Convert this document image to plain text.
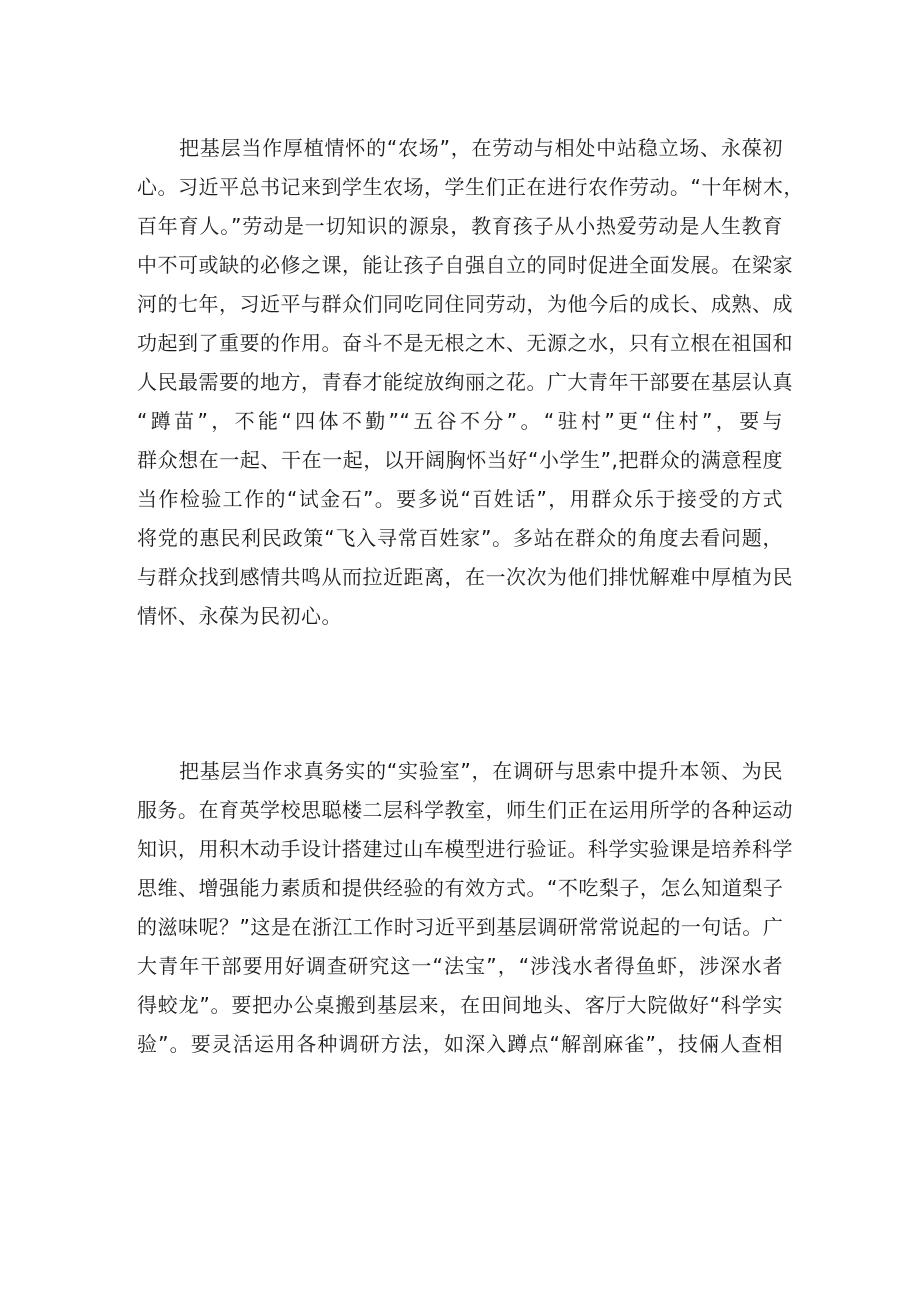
把基层当作厚植情怀的“农场”，在劳动与相处中站稳立场、永葆初
心。习近平总书记来到学生农场，学生们正在进行农作劳动。“十年树木，
百年育人。”劳动是一切知识的源泉，教育孩子从小热爱劳动是人生教育
中不可或缺的必修之课，能让孩子自强自立的同时促进全面发展。在梁家
河的七年，习近平与群众们同吃同住同劳动，为他今后的成长、成熟、成
功起到了重要的作用。奋斗不是无根之木、无源之水，只有立根在祖国和
人民最需要的地方，青春才能绽放绚丽之花。广大青年干部要在基层认真
“蹲苗”，不能“四体不勤”“五谷不分”。“驻村”更“住村”，要与
群众想在一起、干在一起，以开阔胸怀当好“小学生”,把群众的满意程度
当作检验工作的“试金石”。要多说“百姓话”，用群众乐于接受的方式
将党的惠民利民政策“飞入寻常百姓家”。多站在群众的角度去看问题，
与群众找到感情共鸣从而拉近距离，在一次次为他们排忧解难中厚植为民
情怀、永葆为民初心。
把基层当作求真务实的“实验室”，在调研与思索中提升本领、为民
服务。在育英学校思聪楼二层科学教室，师生们正在运用所学的各种运动
知识，用积木动手设计搭建过山车模型进行验证。科学实验课是培养科学
思维、增强能力素质和提供经验的有效方式。“不吃梨子，怎么知道梨子
的滋味呢？”这是在浙江工作时习近平到基层调研常常说起的一句话。广
大青年干部要用好调查研究这一“法宝”，“涉浅水者得鱼虾，涉深水者
得蛟龙”。要把办公桌搬到基层来，在田间地头、客厅大院做好“科学实
验”。要灵活运用各种调研方法，如深入蹲点“解剖麻雀”，技倆人查相
